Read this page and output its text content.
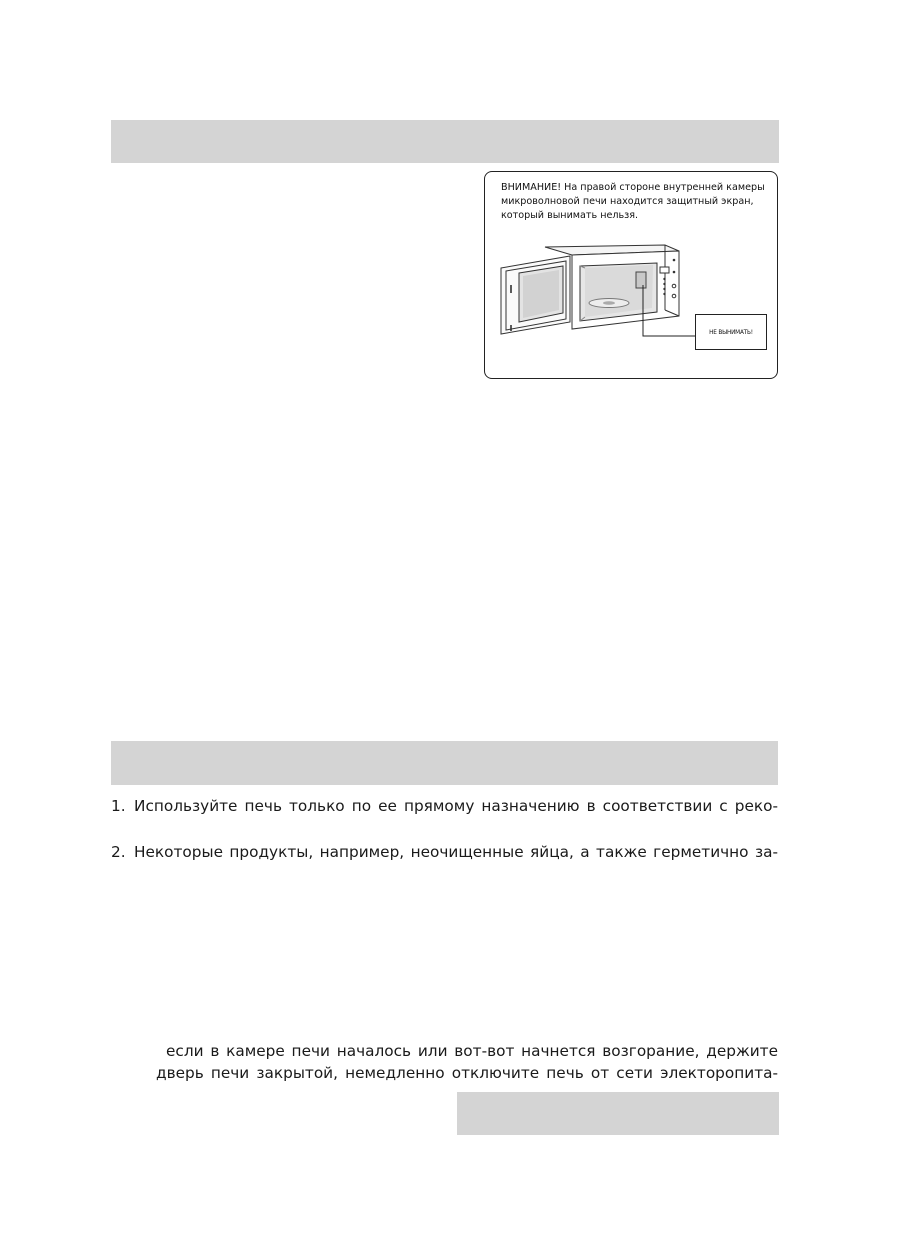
ВНИМАНИЕ! На правой стороне внутренней камеры
микроволновой печи находится защитный экран,
который вынимать нельзя.
НЕ ВЫНИМАТЬ!
1. Используйте печь только по ее прямому назначению в соответствии с реко-
2. Некоторые продукты, например, неочищенные яйца, а также герметично за-
если в камере печи началось или вот-вот начнется возгорание, держите
дверь печи закрытой, немедленно отключите печь от сети электоропита-
